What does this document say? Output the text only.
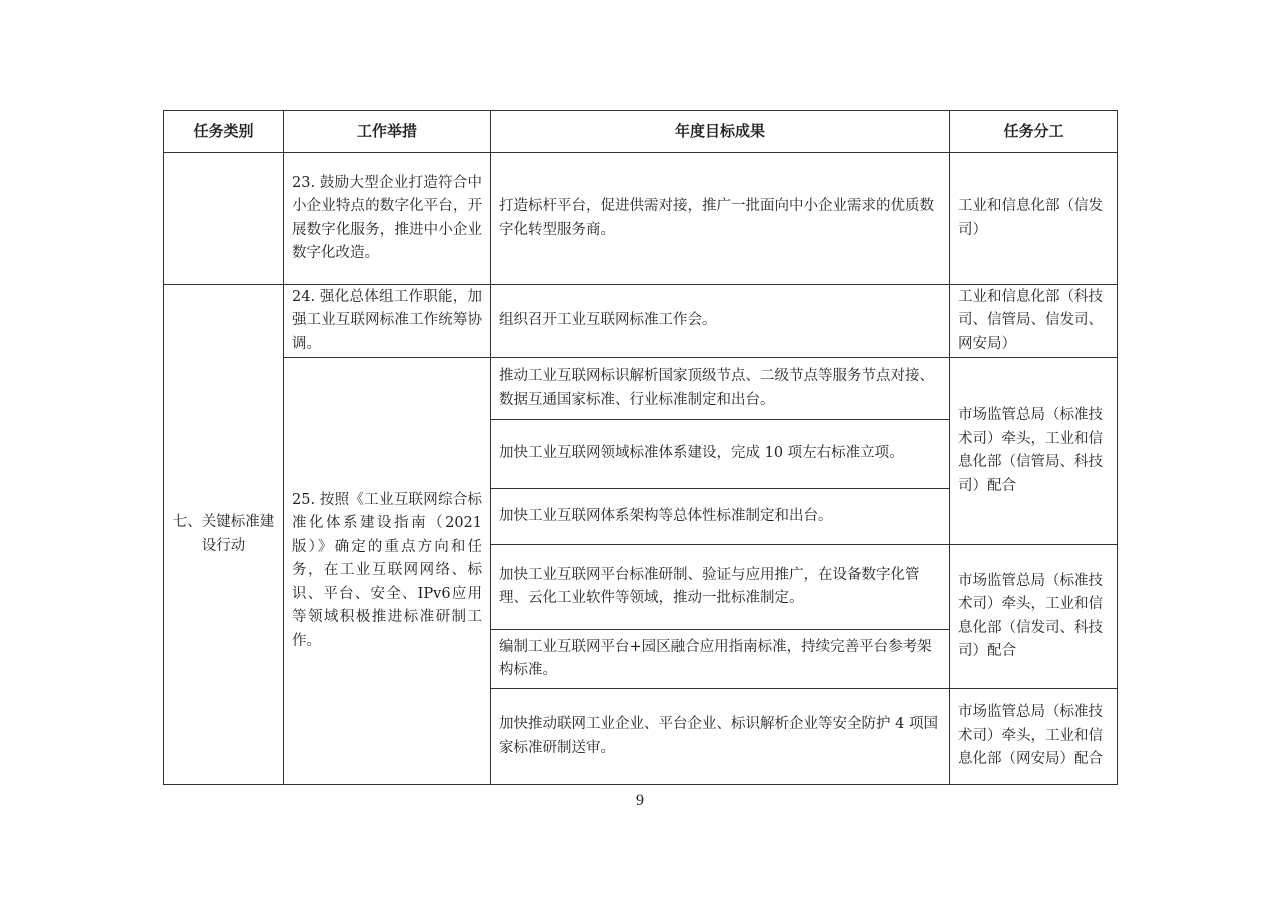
任务类别	工作举措	年度目标成果	任务分工
	23. 鼓励大型企业打造符合中小企业特点的数字化平台，开展数字化服务，推进中小企业数字化改造。	打造标杆平台，促进供需对接，推广一批面向中小企业需求的优质数字化转型服务商。	工业和信息化部（信发司）
七、关键标准建设行动	24. 强化总体组工作职能，加强工业互联网标准工作统筹协调。	组织召开工业互联网标准工作会。	工业和信息化部（科技司、信管局、信发司、网安局）
	25. 按照《工业互联网综合标准化体系建设指南（2021版）》确定的重点方向和任务，在工业互联网网络、标识、平台、安全、IPv6应用等领域积极推进标准研制工作。	推动工业互联网标识解析国家顶级节点、二级节点等服务节点对接、数据互通国家标准、行业标准制定和出台。	市场监管总局（标准技术司）牵头，工业和信息化部（信管局、科技司）配合
		加快工业互联网领域标准体系建设，完成 10 项左右标准立项。	
		加快工业互联网体系架构等总体性标准制定和出台。	
		加快工业互联网平台标准研制、验证与应用推广，在设备数字化管理、云化工业软件等领域，推动一批标准制定。	市场监管总局（标准技术司）牵头，工业和信息化部（信发司、科技司）配合
		编制工业互联网平台+园区融合应用指南标准，持续完善平台参考架构标准。	
		加快推动联网工业企业、平台企业、标识解析企业等安全防护 4 项国家标准研制送审。	市场监管总局（标准技术司）牵头，工业和信息化部（网安局）配合
9
